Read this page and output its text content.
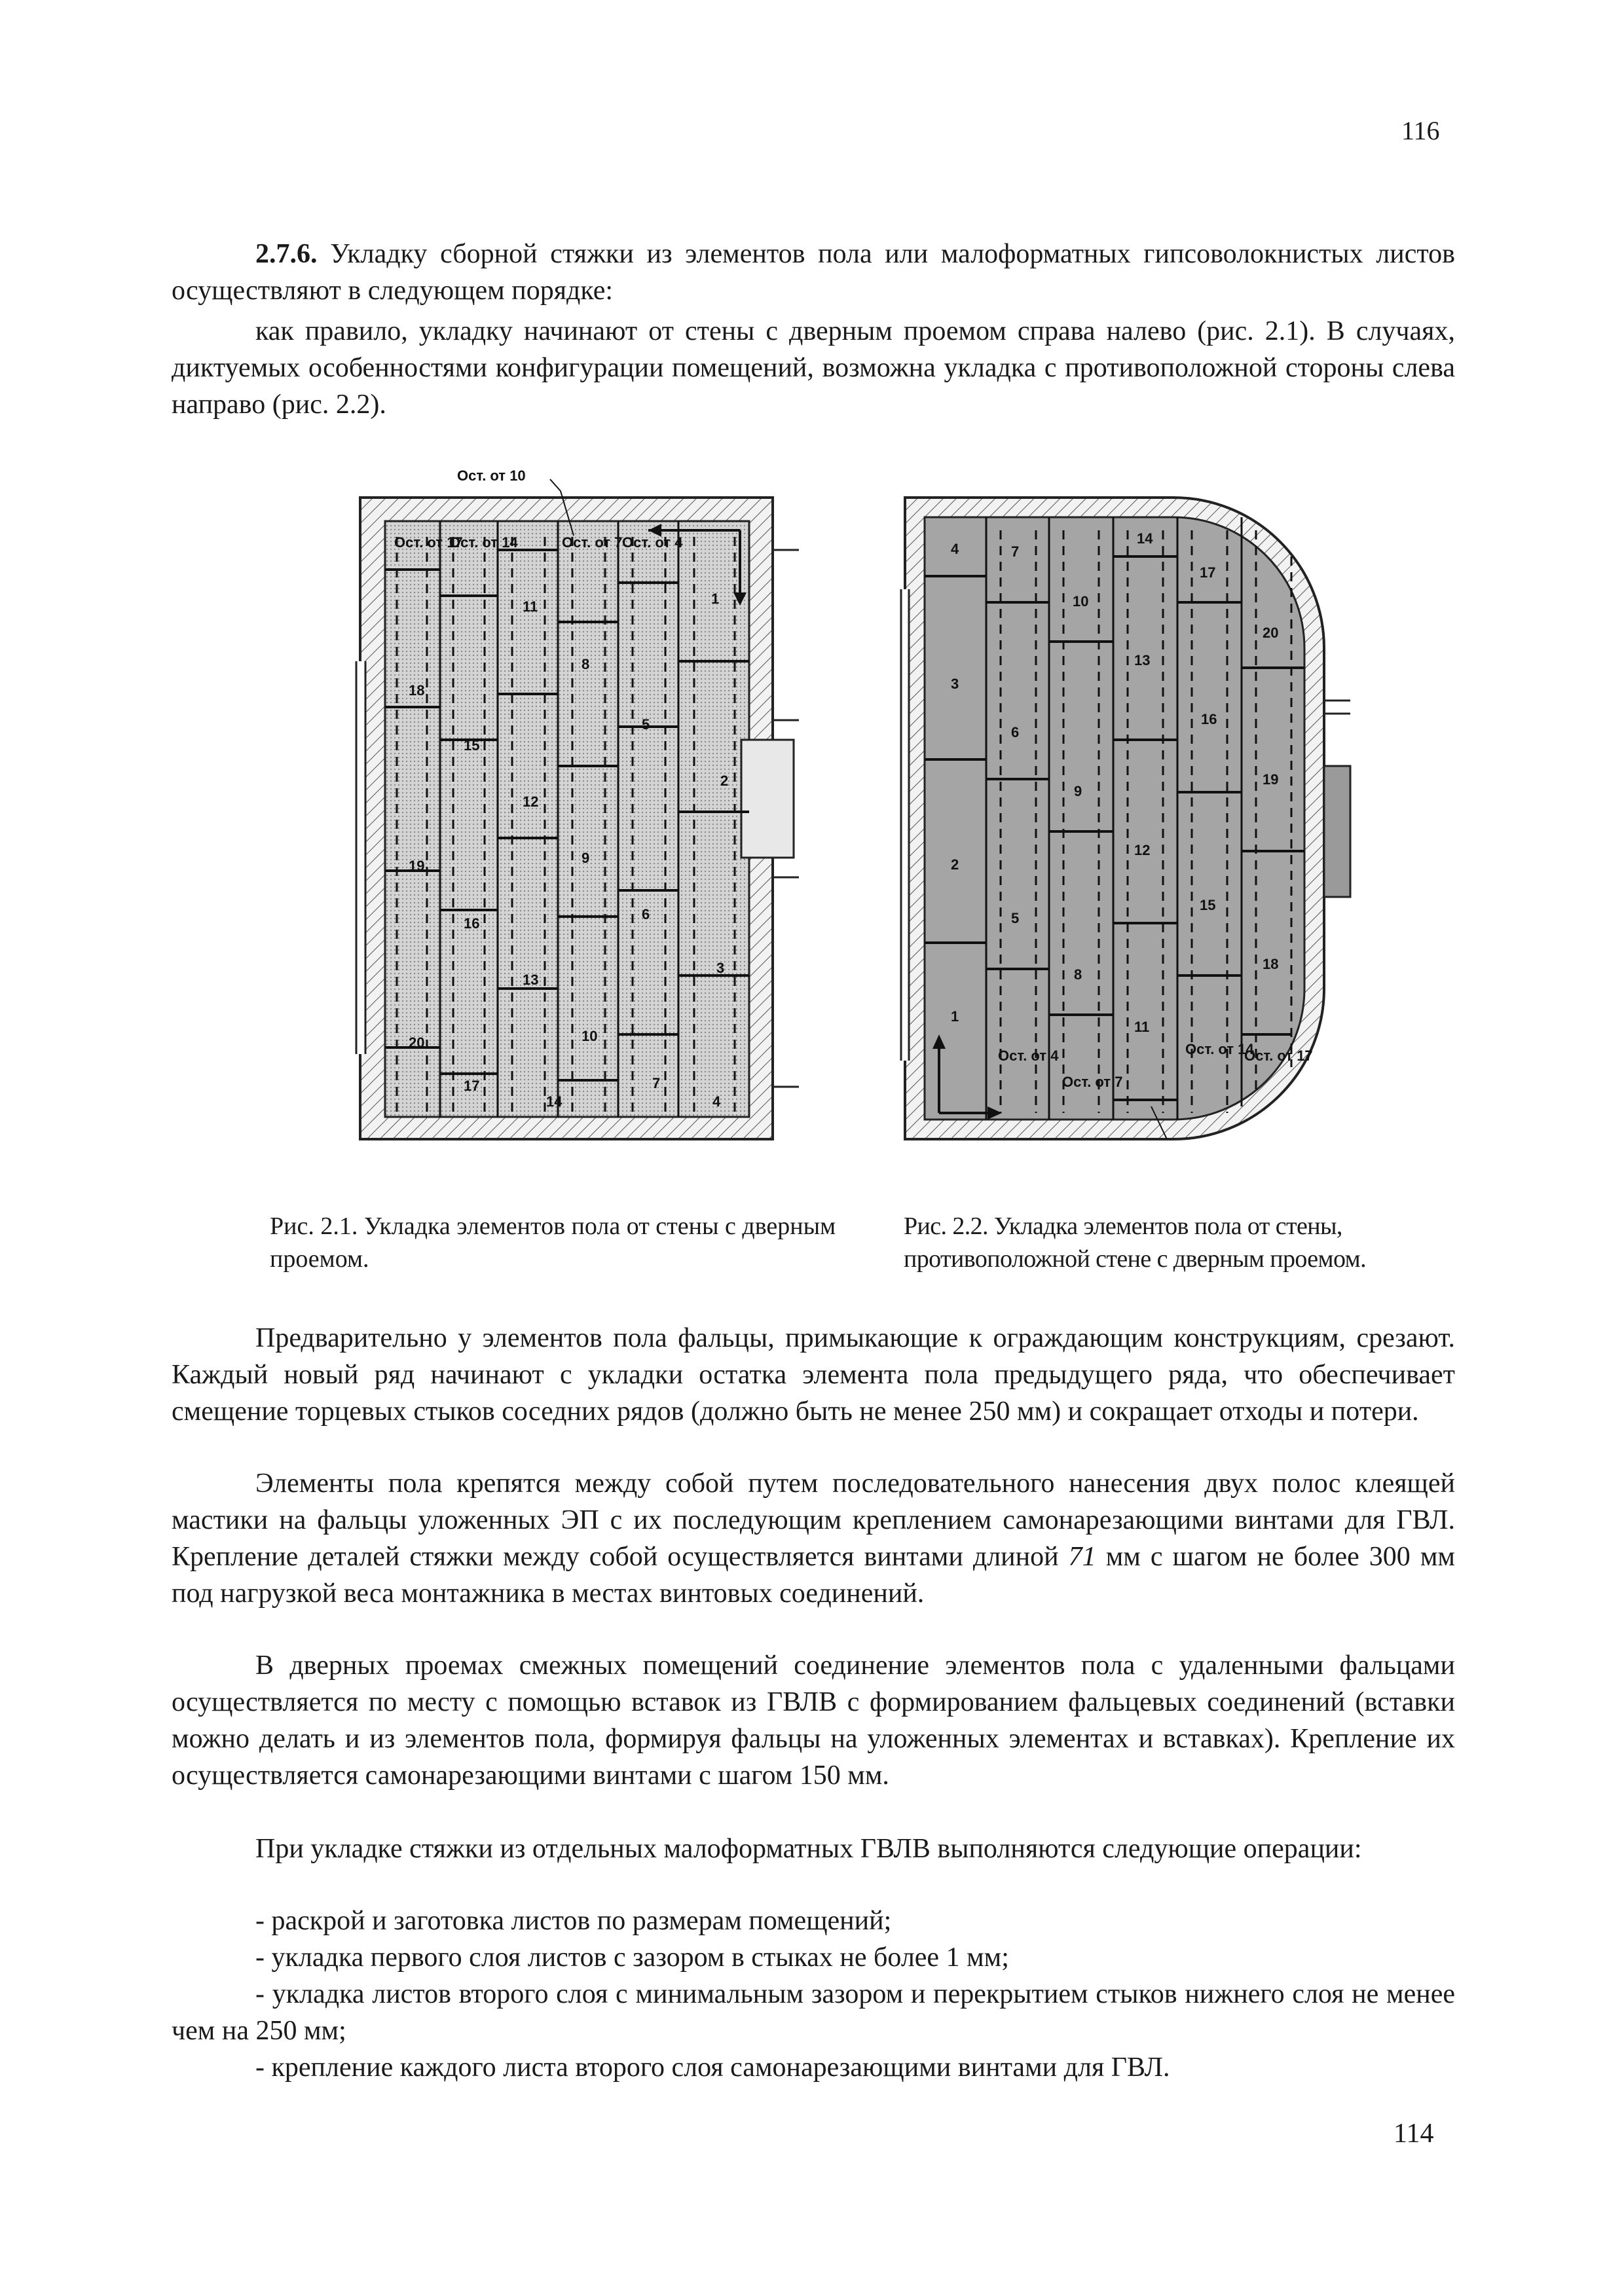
116

2.7.6. Укладку сборной стяжки из элементов пола или малоформатных гипсоволокнистых листов осуществляют в следующем порядке:

как правило, укладку начинают от стены с дверным проемом справа налево (рис. 2.1). В случаях, диктуемых особенностями конфигурации помещений, возможна укладка с противоположной стороны слева направо (рис. 2.2).

Ост. от 10
Ост. от 17
Ост. от 14	Ост. от 7 Ост. от 4
11
8
5
2
1
18
15
12
9
6
3
19
16
13
10
7
20
17
14	4
Ост. от 4
Ост. от 7
Ост. от 14
Ост. от 17
4	7
14
17
10
20
13
3
16
6
19
9
12
2
15
5
18
8
11
1

Рис. 2.1. Укладка элементов пола от стены с дверным проемом.

Рис. 2.2. Укладка элементов пола от стены, противоположной стене с дверным проемом.

Предварительно у элементов пола фальцы, примыкающие к ограждающим конструкциям, срезают. Каждый новый ряд начинают с укладки остатка элемента пола предыдущего ряда, что обеспечивает смещение торцевых стыков соседних рядов (должно быть не менее 250 мм) и сокращает отходы и потери.

Элементы пола крепятся между собой путем последовательного нанесения двух полос клеящей мастики на фальцы уложенных ЭП с их последующим креплением самонарезающими винтами для ГВЛ. Крепление деталей стяжки между собой осуществляется винтами длиной 71 мм с шагом не более 300 мм под нагрузкой веса монтажника в местах винтовых соединений.

В дверных проемах смежных помещений соединение элементов пола с удаленными фальцами осуществляется по месту с помощью вставок из ГВЛВ с формированием фальцевых соединений (вставки можно делать и из элементов пола, формируя фальцы на уложенных элементах и вставках). Крепление их осуществляется самонарезающими винтами с шагом 150 мм.

При укладке стяжки из отдельных малоформатных ГВЛВ выполняются следующие операции:

- раскрой и заготовка листов по размерам помещений;

- укладка первого слоя листов с зазором в стыках не более 1 мм;

- укладка листов второго слоя с минимальным зазором и перекрытием стыков нижнего слоя не менее чем на 250 мм;

- крепление каждого листа второго слоя самонарезающими винтами для ГВЛ.

114
